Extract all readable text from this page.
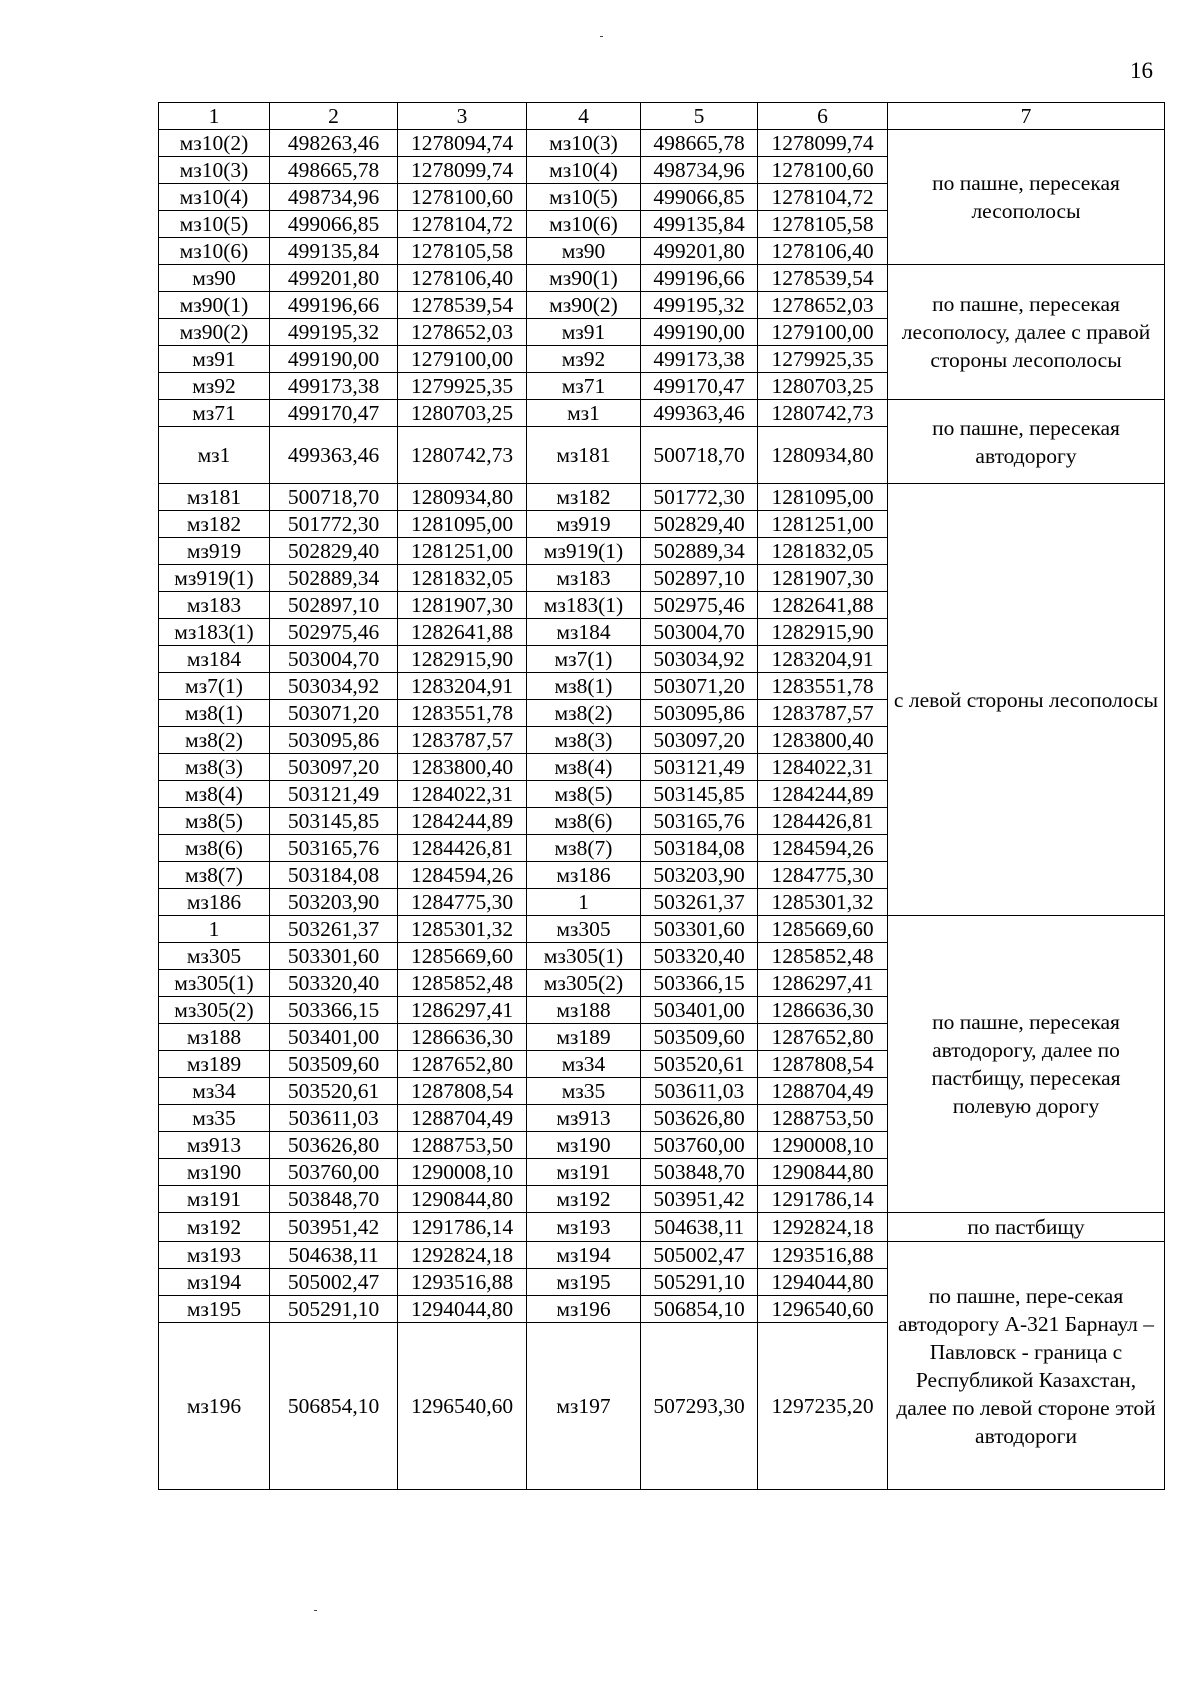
16
1	2	3	4	5	6	7
мз10(2)	498263,46	1278094,74	мз10(3)	498665,78	1278099,74	по пашне, пересекая лесополосы
мз10(3)	498665,78	1278099,74	мз10(4)	498734,96	1278100,60	
мз10(4)	498734,96	1278100,60	мз10(5)	499066,85	1278104,72	
мз10(5)	499066,85	1278104,72	мз10(6)	499135,84	1278105,58	
мз10(6)	499135,84	1278105,58	мз90	499201,80	1278106,40	
мз90	499201,80	1278106,40	мз90(1)	499196,66	1278539,54	по пашне, пересекая лесополосу, далее с правой стороны лесополосы
мз90(1)	499196,66	1278539,54	мз90(2)	499195,32	1278652,03	
мз90(2)	499195,32	1278652,03	мз91	499190,00	1279100,00	
мз91	499190,00	1279100,00	мз92	499173,38	1279925,35	
мз92	499173,38	1279925,35	мз71	499170,47	1280703,25	
мз71	499170,47	1280703,25	мз1	499363,46	1280742,73	по пашне, пересекая автодорогу
мз1	499363,46	1280742,73	мз181	500718,70	1280934,80	
мз181	500718,70	1280934,80	мз182	501772,30	1281095,00	с левой стороны лесополосы
мз182	501772,30	1281095,00	мз919	502829,40	1281251,00	
мз919	502829,40	1281251,00	мз919(1)	502889,34	1281832,05	
мз919(1)	502889,34	1281832,05	мз183	502897,10	1281907,30	
мз183	502897,10	1281907,30	мз183(1)	502975,46	1282641,88	
мз183(1)	502975,46	1282641,88	мз184	503004,70	1282915,90	
мз184	503004,70	1282915,90	мз7(1)	503034,92	1283204,91	
мз7(1)	503034,92	1283204,91	мз8(1)	503071,20	1283551,78	
мз8(1)	503071,20	1283551,78	мз8(2)	503095,86	1283787,57	
мз8(2)	503095,86	1283787,57	мз8(3)	503097,20	1283800,40	
мз8(3)	503097,20	1283800,40	мз8(4)	503121,49	1284022,31	
мз8(4)	503121,49	1284022,31	мз8(5)	503145,85	1284244,89	
мз8(5)	503145,85	1284244,89	мз8(6)	503165,76	1284426,81	
мз8(6)	503165,76	1284426,81	мз8(7)	503184,08	1284594,26	
мз8(7)	503184,08	1284594,26	мз186	503203,90	1284775,30	
мз186	503203,90	1284775,30	1	503261,37	1285301,32	
1	503261,37	1285301,32	мз305	503301,60	1285669,60	по пашне, пересекая автодорогу, далее по пастбищу, пересекая полевую дорогу
мз305	503301,60	1285669,60	мз305(1)	503320,40	1285852,48	
мз305(1)	503320,40	1285852,48	мз305(2)	503366,15	1286297,41	
мз305(2)	503366,15	1286297,41	мз188	503401,00	1286636,30	
мз188	503401,00	1286636,30	мз189	503509,60	1287652,80	
мз189	503509,60	1287652,80	мз34	503520,61	1287808,54	
мз34	503520,61	1287808,54	мз35	503611,03	1288704,49	
мз35	503611,03	1288704,49	мз913	503626,80	1288753,50	
мз913	503626,80	1288753,50	мз190	503760,00	1290008,10	
мз190	503760,00	1290008,10	мз191	503848,70	1290844,80	
мз191	503848,70	1290844,80	мз192	503951,42	1291786,14	
мз192	503951,42	1291786,14	мз193	504638,11	1292824,18	по пастбищу
мз193	504638,11	1292824,18	мз194	505002,47	1293516,88	по пашне, пере-секая автодорогу А-321 Барнаул – Павловск - граница с Республикой Казахстан, далее по левой стороне этой автодороги
мз194	505002,47	1293516,88	мз195	505291,10	1294044,80	
мз195	505291,10	1294044,80	мз196	506854,10	1296540,60	
мз196	506854,10	1296540,60	мз197	507293,30	1297235,20	
